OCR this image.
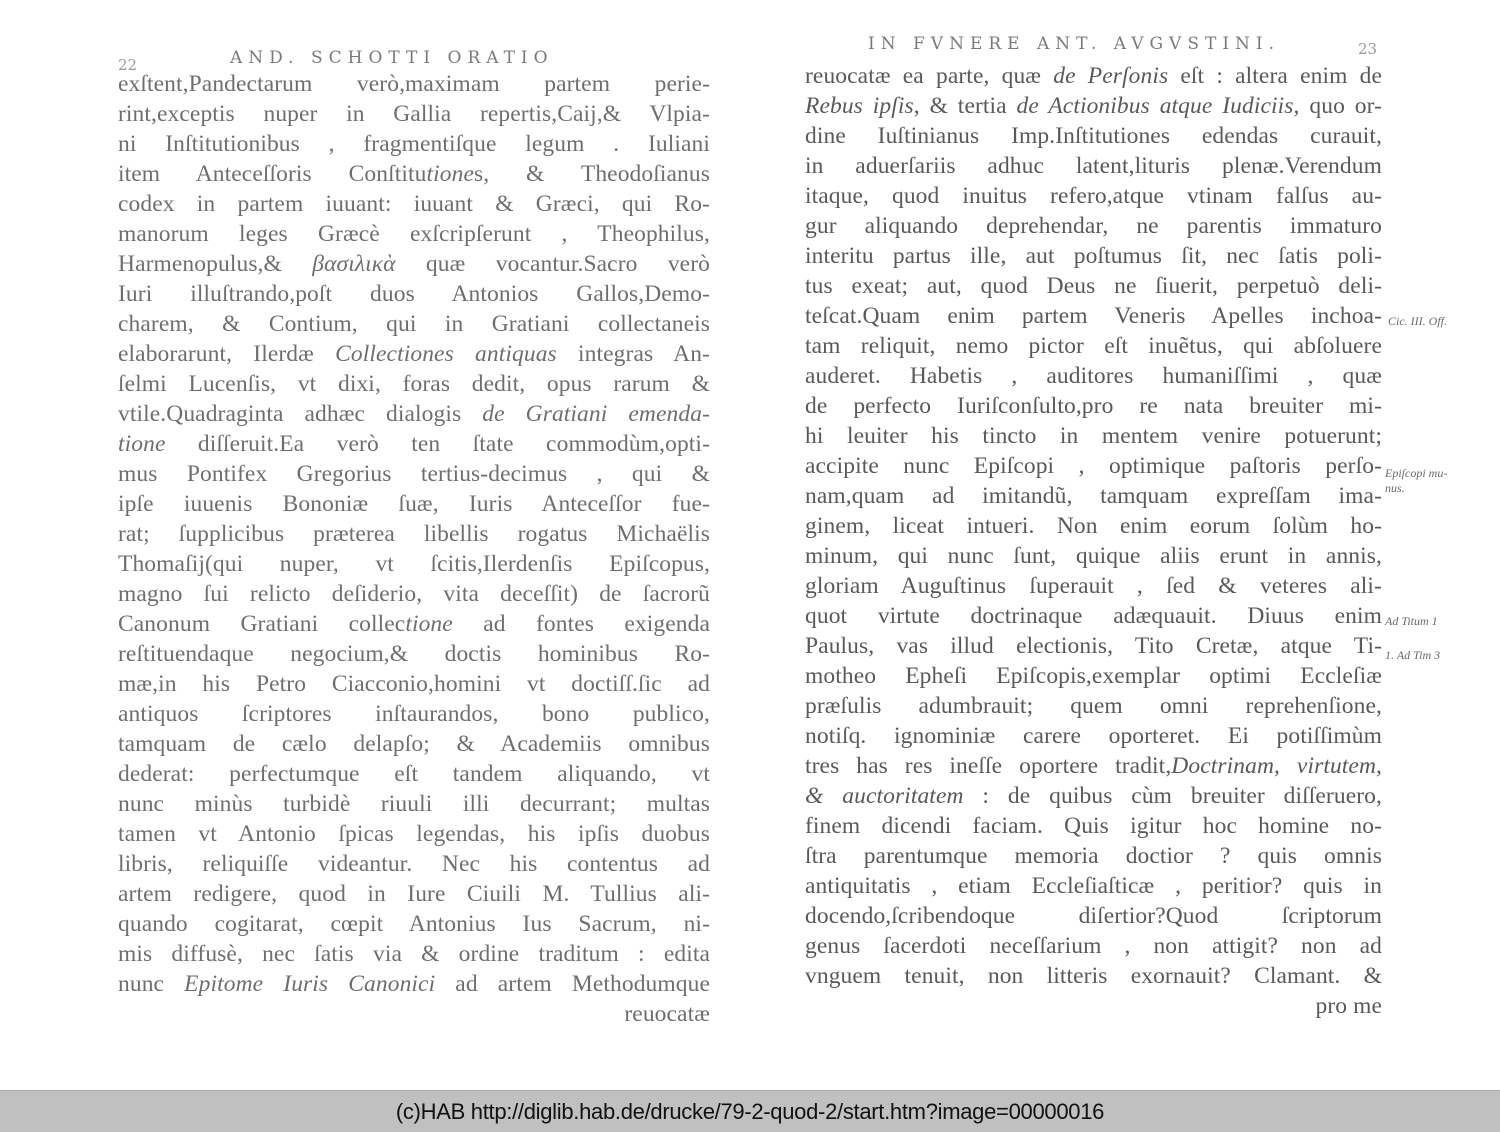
22	AND. SCHOTTI ORATIO
exſtent,Pandectarum verò,maximam partem perie-
rint,exceptis nuper in Gallia repertis,Caij,& Vlpia-
ni Inſtitutionibus , fragmentiſque legum . Iuliani
item Anteceſſoris Conſtitutiones, & Theodoſianus
codex in partem iuuant: iuuant & Græci, qui Ro-
manorum leges Græcè exſcripſerunt , Theophilus,
Harmenopulus,& βασιλικὰ quæ vocantur.Sacro verò
Iuri illuſtrando,poſt duos Antonios Gallos,Demo-
charem, & Contium, qui in Gratiani collectaneis
elaborarunt, Ilerdæ Collectiones antiquas integras An-
ſelmi Lucenſis, vt dixi, foras dedit, opus rarum &
vtile.Quadraginta adhæc dialogis de Gratiani emenda-
tione diſſeruit.Ea verò ten ſtate commodùm,opti-
mus Pontifex Gregorius tertius-decimus , qui &
ipſe iuuenis Bononiæ ſuæ, Iuris Anteceſſor fue-
rat; ſupplicibus præterea libellis rogatus Michaëlis
Thomaſij(qui nuper, vt ſcitis,Ilerdenſis Epiſcopus,
magno ſui relicto deſiderio, vita deceſſit) de ſacrorũ
Canonum Gratiani collectione ad fontes exigenda
reſtituendaque negocium,& doctis hominibus Ro-
mæ,in his Petro Ciacconio,homini vt doctiſſ.ſic ad
antiquos ſcriptores inſtaurandos, bono publico,
tamquam de cælo delapſo; & Academiis omnibus
dederat: perfectumque eſt tandem aliquando, vt
nunc minùs turbidè riuuli illi decurrant; multas
tamen vt Antonio ſpicas legendas, his ipſis duobus
libris, reliquiſſe videantur. Nec his contentus ad
artem redigere, quod in Iure Ciuili M. Tullius ali-
quando cogitarat, cœpit Antonius Ius Sacrum, ni-
mis diffusè, nec ſatis via & ordine traditum : edita
nunc Epitome Iuris Canonici ad artem Methodumque
reuocatæ
IN FVNERE ANT. AVGVSTINI.	23
reuocatæ ea parte, quæ de Perſonis eſt : altera enim de
Rebus ipſis, & tertia de Actionibus atque Iudiciis, quo or-
dine Iuſtinianus Imp.Inſtitutiones edendas curauit,
in aduerſariis adhuc latent,lituris plenæ.Verendum
itaque, quod inuitus refero,atque vtinam falſus au-
gur aliquando deprehendar, ne parentis immaturo
interitu partus ille, aut poſtumus ſit, nec ſatis poli-
tus exeat; aut, quod Deus ne ſiuerit, perpetuò deli-
teſcat.Quam enim partem Veneris Apelles inchoa-
tam reliquit, nemo pictor eſt inuẽtus, qui abſoluere
auderet. Habetis , auditores humaniſſimi , quæ
de perfecto Iuriſconſulto,pro re nata breuiter mi-
hi leuiter his tincto in mentem venire potuerunt;
accipite nunc Epiſcopi , optimique paſtoris perſo-
nam,quam ad imitandũ, tamquam expreſſam ima-
ginem, liceat intueri. Non enim eorum ſolùm ho-
minum, qui nunc ſunt, quique aliis erunt in annis,
gloriam Auguſtinus ſuperauit , ſed & veteres ali-
quot virtute doctrinaque adæquauit. Diuus enim
Paulus, vas illud electionis, Tito Cretæ, atque Ti-
motheo Epheſi Epiſcopis,exemplar optimi Eccleſiæ
præſulis adumbrauit; quem omni reprehenſione,
notiſq. ignominiæ carere oporteret. Ei potiſſimùm
tres has res ineſſe oportere tradit,Doctrinam, virtutem,
& auctoritatem : de quibus cùm breuiter diſſeruero,
finem dicendi faciam. Quis igitur hoc homine no-
ſtra parentumque memoria doctior ? quis omnis
antiquitatis , etiam Eccleſiaſticæ , peritior? quis in
docendo,ſcribendoque diſertior?Quod ſcriptorum
genus ſacerdoti neceſſarium , non attigit? non ad
vnguem tenuit, non litteris exornauit? Clamant. &
pro me
Cic. III. Off.
Epiſcopi mu-
nus.
Ad Titum 1
1. Ad Tim 3
(c)HAB http://diglib.hab.de/drucke/79-2-quod-2/start.htm?image=00000016
